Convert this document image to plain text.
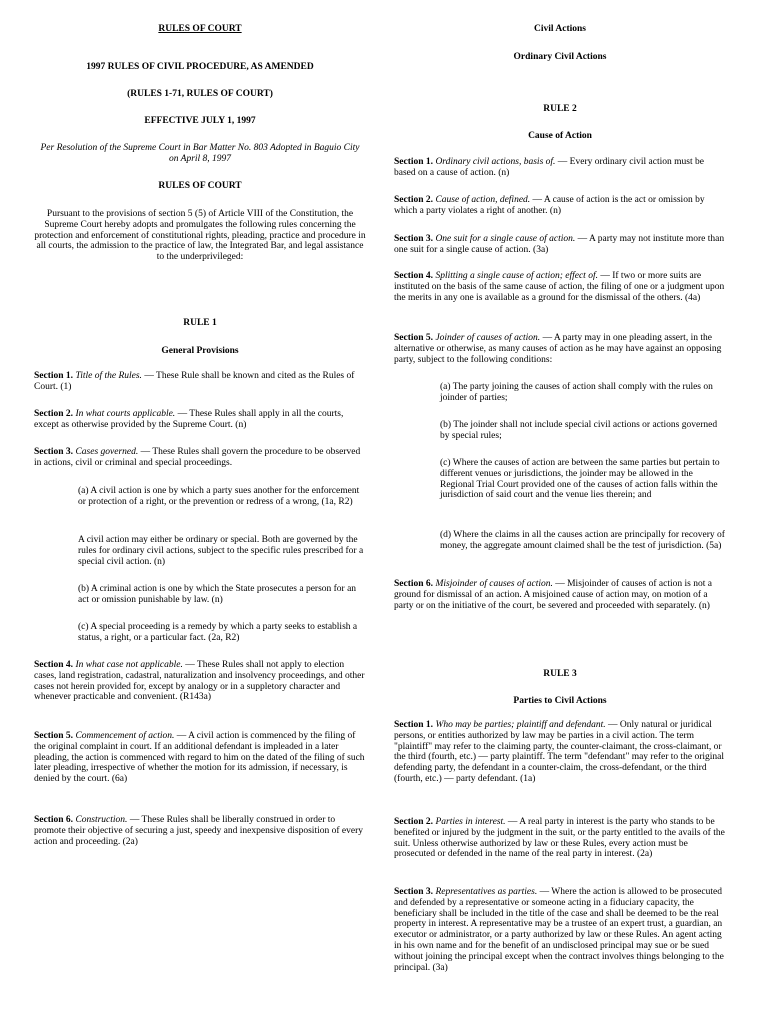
RULES OF COURT

1997 RULES OF CIVIL PROCEDURE, AS AMENDED

(RULES 1-71, RULES OF COURT)

EFFECTIVE JULY 1, 1997

Per Resolution of the Supreme Court in Bar Matter No. 803 Adopted in Baguio City on April 8, 1997

RULES OF COURT

Pursuant to the provisions of section 5 (5) of Article VIII of the Constitution, the Supreme Court hereby adopts and promulgates the following rules concerning the protection and enforcement of constitutional rights, pleading, practice and procedure in all courts, the admission to the practice of law, the Integrated Bar, and legal assistance to the underprivileged:

RULE 1

General Provisions

Section 1. Title of the Rules. — These Rule shall be known and cited as the Rules of Court. (1)

Section 2. In what courts applicable. — These Rules shall apply in all the courts, except as otherwise provided by the Supreme Court. (n)

Section 3. Cases governed. — These Rules shall govern the procedure to be observed in actions, civil or criminal and special proceedings.

(a) A civil action is one by which a party sues another for the enforcement or protection of a right, or the prevention or redress of a wrong, (1a, R2)

A civil action may either be ordinary or special. Both are governed by the rules for ordinary civil actions, subject to the specific rules prescribed for a special civil action. (n)

(b) A criminal action is one by which the State prosecutes a person for an act or omission punishable by law. (n)

(c) A special proceeding is a remedy by which a party seeks to establish a status, a right, or a particular fact. (2a, R2)

Section 4. In what case not applicable. — These Rules shall not apply to election cases, land registration, cadastral, naturalization and insolvency proceedings, and other cases not herein provided for, except by analogy or in a suppletory character and whenever practicable and convenient. (R143a)

Section 5. Commencement of action. — A civil action is commenced by the filing of the original complaint in court. If an additional defendant is impleaded in a later pleading, the action is commenced with regard to him on the dated of the filing of such later pleading, irrespective of whether the motion for its admission, if necessary, is denied by the court. (6a)

Section 6. Construction. — These Rules shall be liberally construed in order to promote their objective of securing a just, speedy and inexpensive disposition of every action and proceeding. (2a)

Civil Actions

Ordinary Civil Actions

RULE 2

Cause of Action

Section 1. Ordinary civil actions, basis of. — Every ordinary civil action must be based on a cause of action. (n)

Section 2. Cause of action, defined. — A cause of action is the act or omission by which a party violates a right of another. (n)

Section 3. One suit for a single cause of action. — A party may not institute more than one suit for a single cause of action. (3a)

Section 4. Splitting a single cause of action; effect of. — If two or more suits are instituted on the basis of the same cause of action, the filing of one or a judgment upon the merits in any one is available as a ground for the dismissal of the others. (4a)

Section 5. Joinder of causes of action. — A party may in one pleading assert, in the alternative or otherwise, as many causes of action as he may have against an opposing party, subject to the following conditions:

(a) The party joining the causes of action shall comply with the rules on joinder of parties;

(b) The joinder shall not include special civil actions or actions governed by special rules;

(c) Where the causes of action are between the same parties but pertain to different venues or jurisdictions, the joinder may be allowed in the Regional Trial Court provided one of the causes of action falls within the jurisdiction of said court and the venue lies therein; and

(d) Where the claims in all the causes action are principally for recovery of money, the aggregate amount claimed shall be the test of jurisdiction. (5a)

Section 6. Misjoinder of causes of action. — Misjoinder of causes of action is not a ground for dismissal of an action. A misjoined cause of action may, on motion of a party or on the initiative of the court, be severed and proceeded with separately. (n)

RULE 3

Parties to Civil Actions

Section 1. Who may be parties; plaintiff and defendant. — Only natural or juridical persons, or entities authorized by law may be parties in a civil action. The term "plaintiff" may refer to the claiming party, the counter-claimant, the cross-claimant, or the third (fourth, etc.) — party plaintiff. The term "defendant" may refer to the original defending party, the defendant in a counter-claim, the cross-defendant, or the third (fourth, etc.) — party defendant. (1a)

Section 2. Parties in interest. — A real party in interest is the party who stands to be benefited or injured by the judgment in the suit, or the party entitled to the avails of the suit. Unless otherwise authorized by law or these Rules, every action must be prosecuted or defended in the name of the real party in interest. (2a)

Section 3. Representatives as parties. — Where the action is allowed to be prosecuted and defended by a representative or someone acting in a fiduciary capacity, the beneficiary shall be included in the title of the case and shall be deemed to be the real property in interest. A representative may be a trustee of an expert trust, a guardian, an executor or administrator, or a party authorized by law or these Rules. An agent acting in his own name and for the benefit of an undisclosed principal may sue or be sued without joining the principal except when the contract involves things belonging to the principal. (3a)
